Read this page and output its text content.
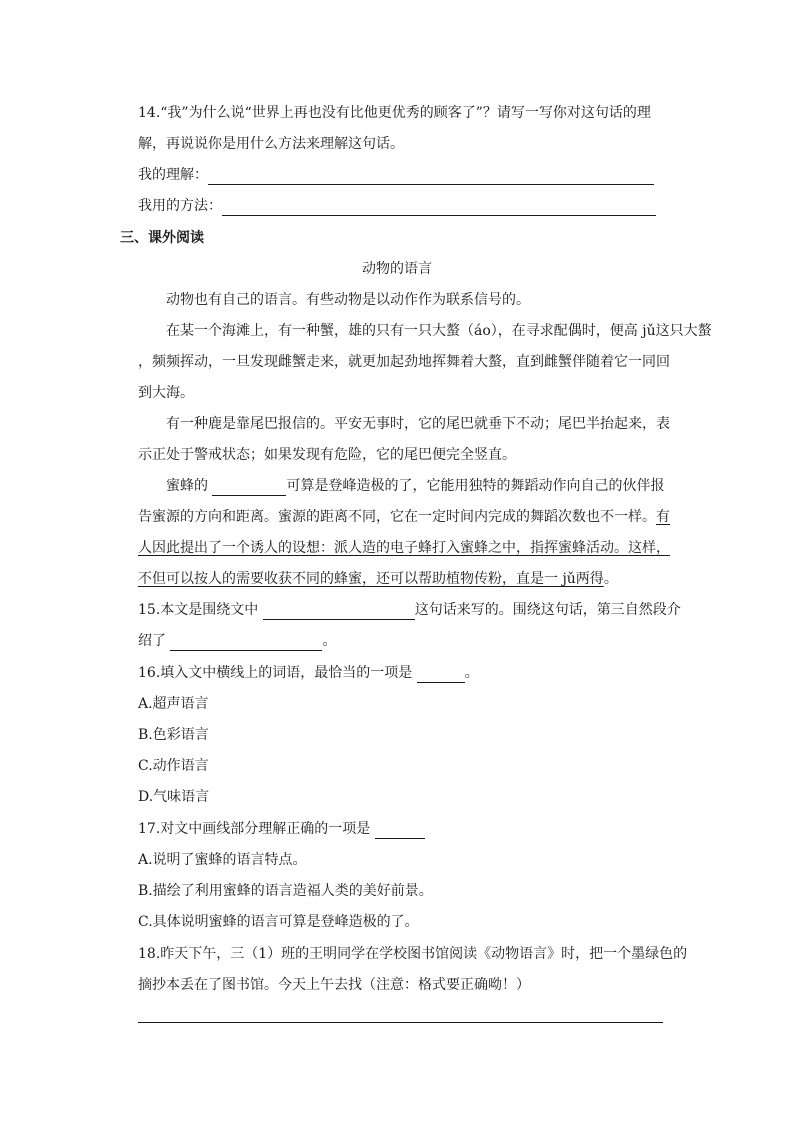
14.“我”为什么说“世界上再也没有比他更优秀的顾客了”？请写一写你对这句话的理
解，再说说你是用什么方法来理解这句话。
我的理解：
我用的方法：
三、课外阅读
动物的语言
动物也有自己的语言。有些动物是以动作作为联系信号的。
在某一个海滩上，有一种蟹，雄的只有一只大螯（áo），在寻求配偶时，便高 jǔ这只大螯
，频频挥动，一旦发现雌蟹走来，就更加起劲地挥舞着大螯，直到雌蟹伴随着它一同回
到大海。
有一种鹿是靠尾巴报信的。平安无事时，它的尾巴就垂下不动；尾巴半抬起来，表
示正处于警戒状态；如果发现有危险，它的尾巴便完全竖直。
蜜蜂的	可算是登峰造极的了，它能用独特的舞蹈动作向自己的伙伴报
告蜜源的方向和距离。蜜源的距离不同，它在一定时间内完成的舞蹈次数也不一样。有
人因此提出了一个诱人的设想：派人造的电子蜂打入蜜蜂之中，指挥蜜蜂活动。这样，
不但可以按人的需要收获不同的蜂蜜，还可以帮助植物传粉，直是一 jǔ两得。
15.本文是围绕文中	这句话来写的。围绕这句话，第三自然段介
绍了	。
16.填入文中横线上的词语，最恰当的一项是	。
A.超声语言
B.色彩语言
C.动作语言
D.气味语言
17.对文中画线部分理解正确的一项是
A.说明了蜜蜂的语言特点。
B.描绘了利用蜜蜂的语言造福人类的美好前景。
C.具体说明蜜蜂的语言可算是登峰造极的了。
18.昨天下午，三（1）班的王明同学在学校图书馆阅读《动物语言》时，把一个墨绿色的
摘抄本丢在了图书馆。今天上午去找（注意：格式要正确呦！）
